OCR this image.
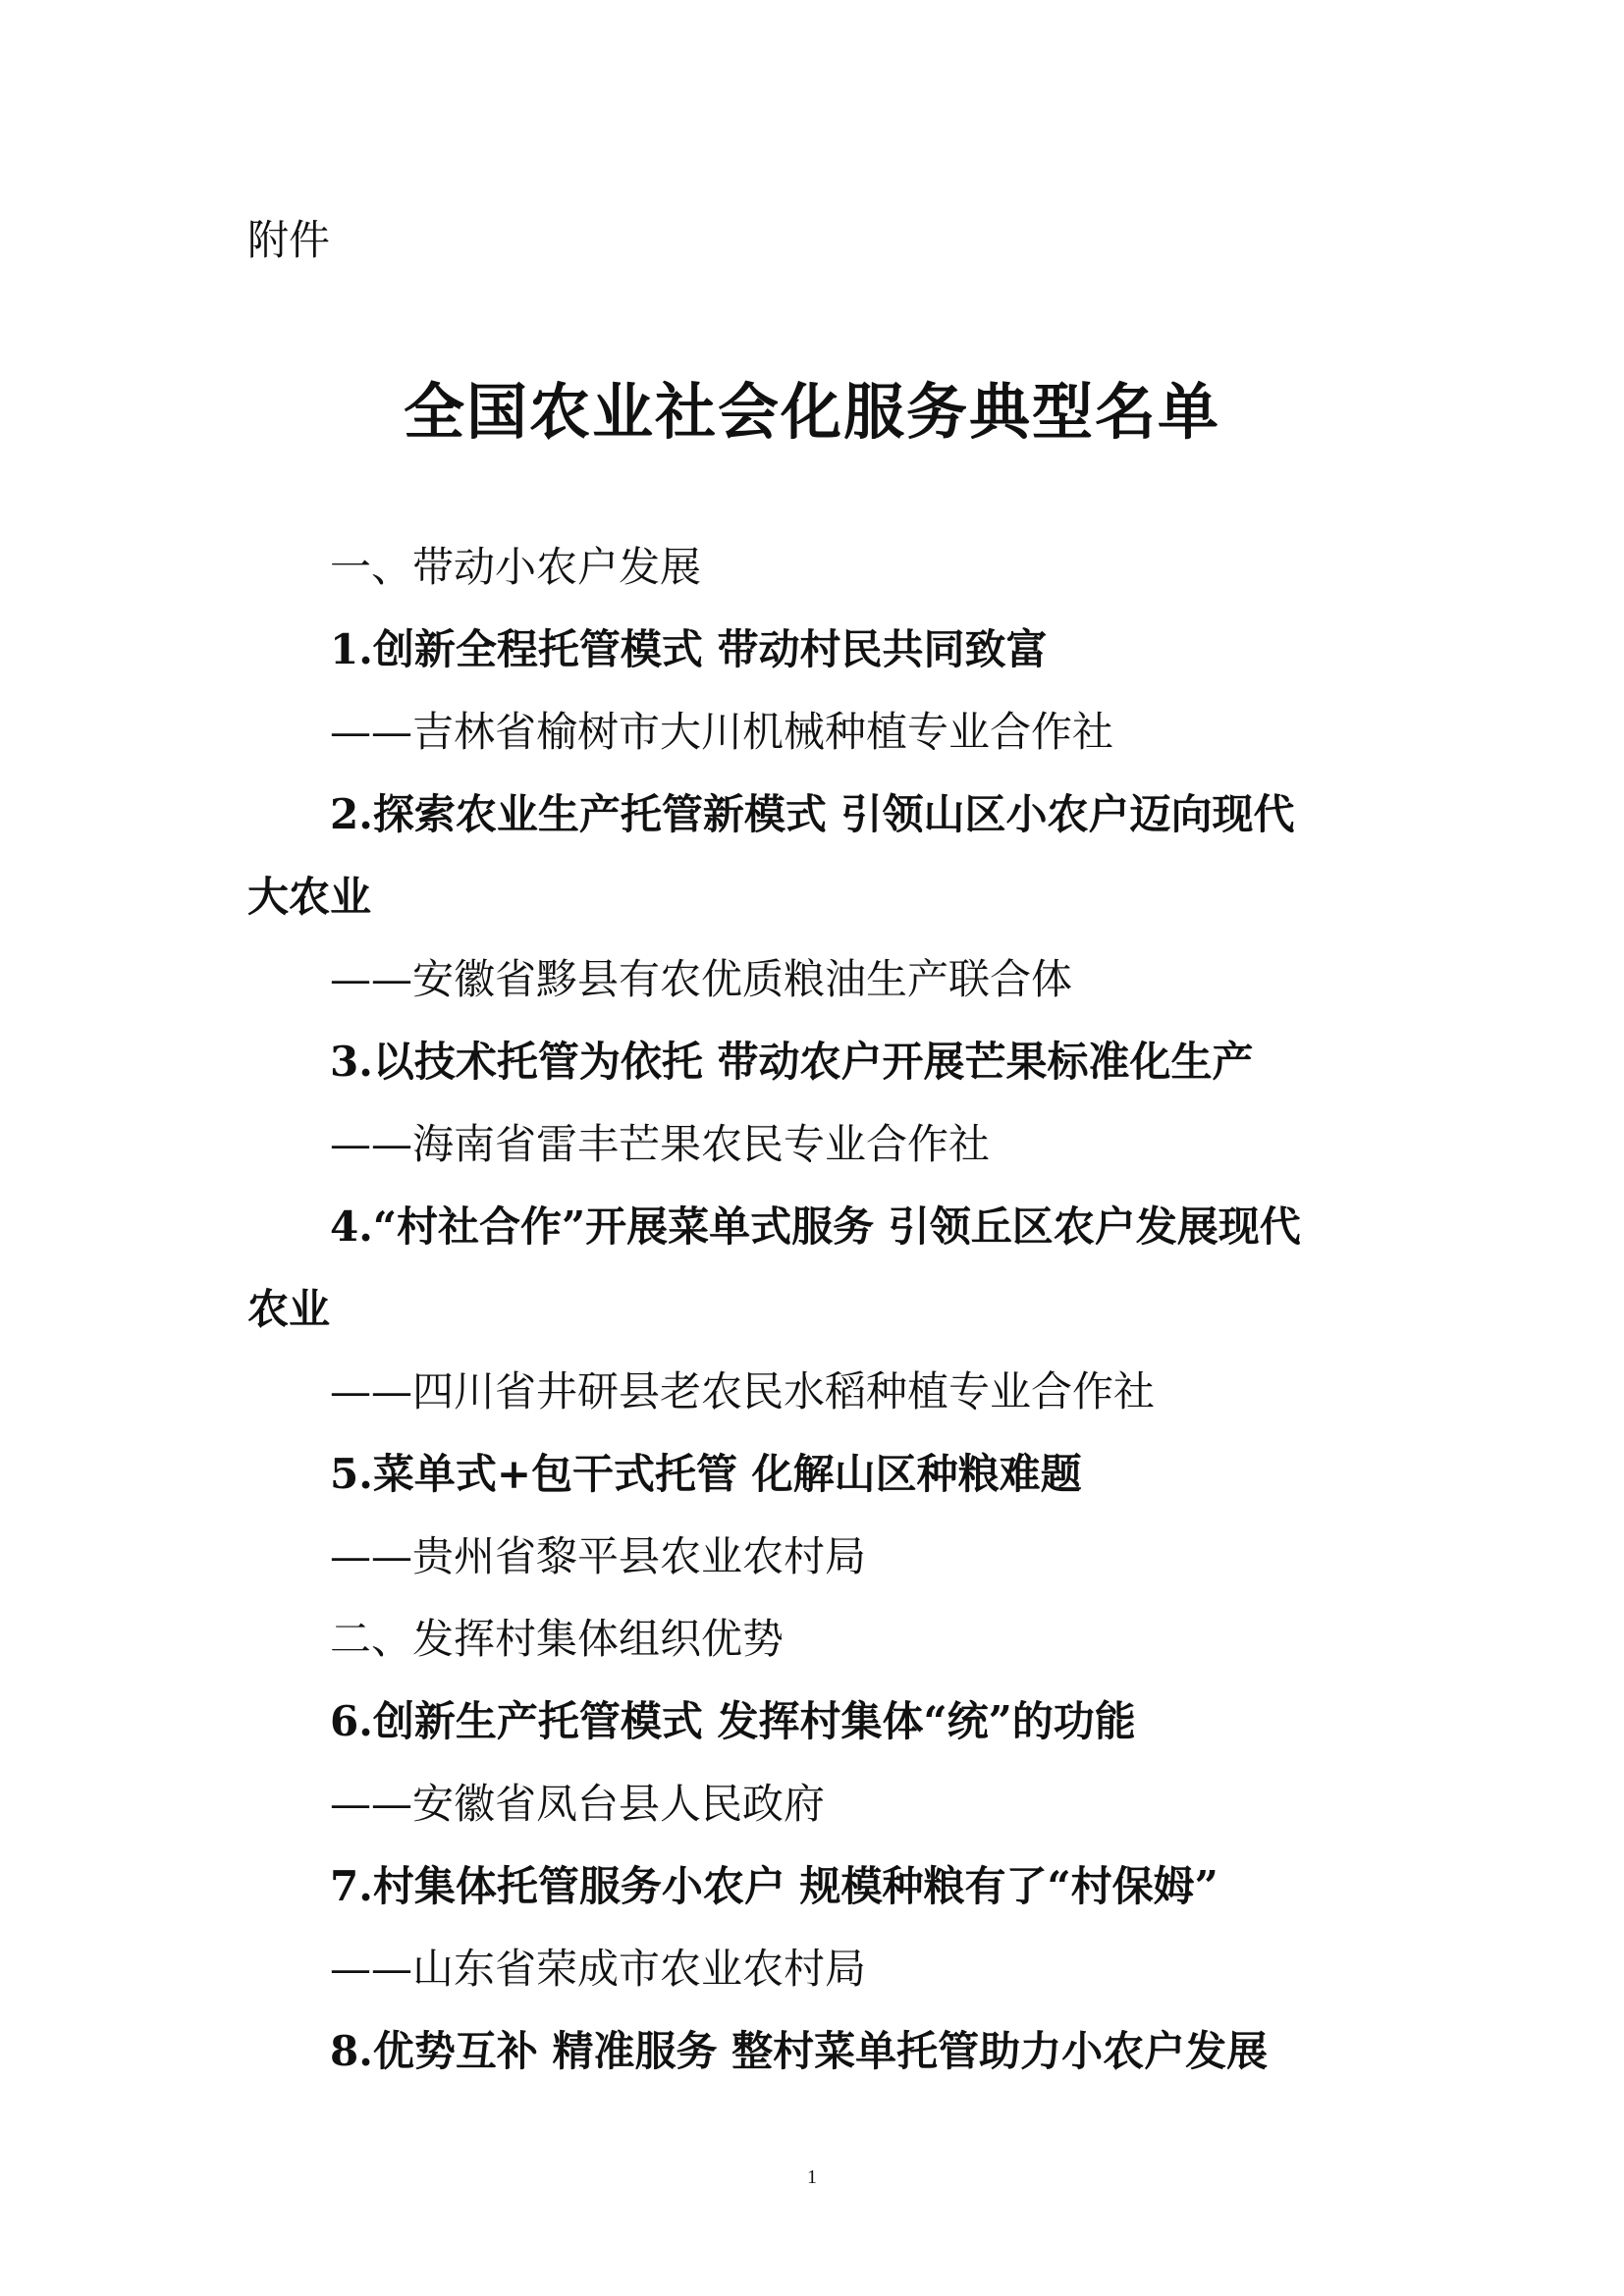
附件
全国农业社会化服务典型名单
一、带动小农户发展
1.创新全程托管模式 带动村民共同致富
——吉林省榆树市大川机械种植专业合作社
2.探索农业生产托管新模式 引领山区小农户迈向现代
大农业
——安徽省黟县有农优质粮油生产联合体
3.以技术托管为依托 带动农户开展芒果标准化生产
——海南省雷丰芒果农民专业合作社
4.“村社合作”开展菜单式服务 引领丘区农户发展现代
农业
——四川省井研县老农民水稻种植专业合作社
5.菜单式+包干式托管 化解山区种粮难题
——贵州省黎平县农业农村局
二、发挥村集体组织优势
6.创新生产托管模式 发挥村集体“统”的功能
——安徽省凤台县人民政府
7.村集体托管服务小农户 规模种粮有了“村保姆”
——山东省荣成市农业农村局
8.优势互补 精准服务 整村菜单托管助力小农户发展
1
